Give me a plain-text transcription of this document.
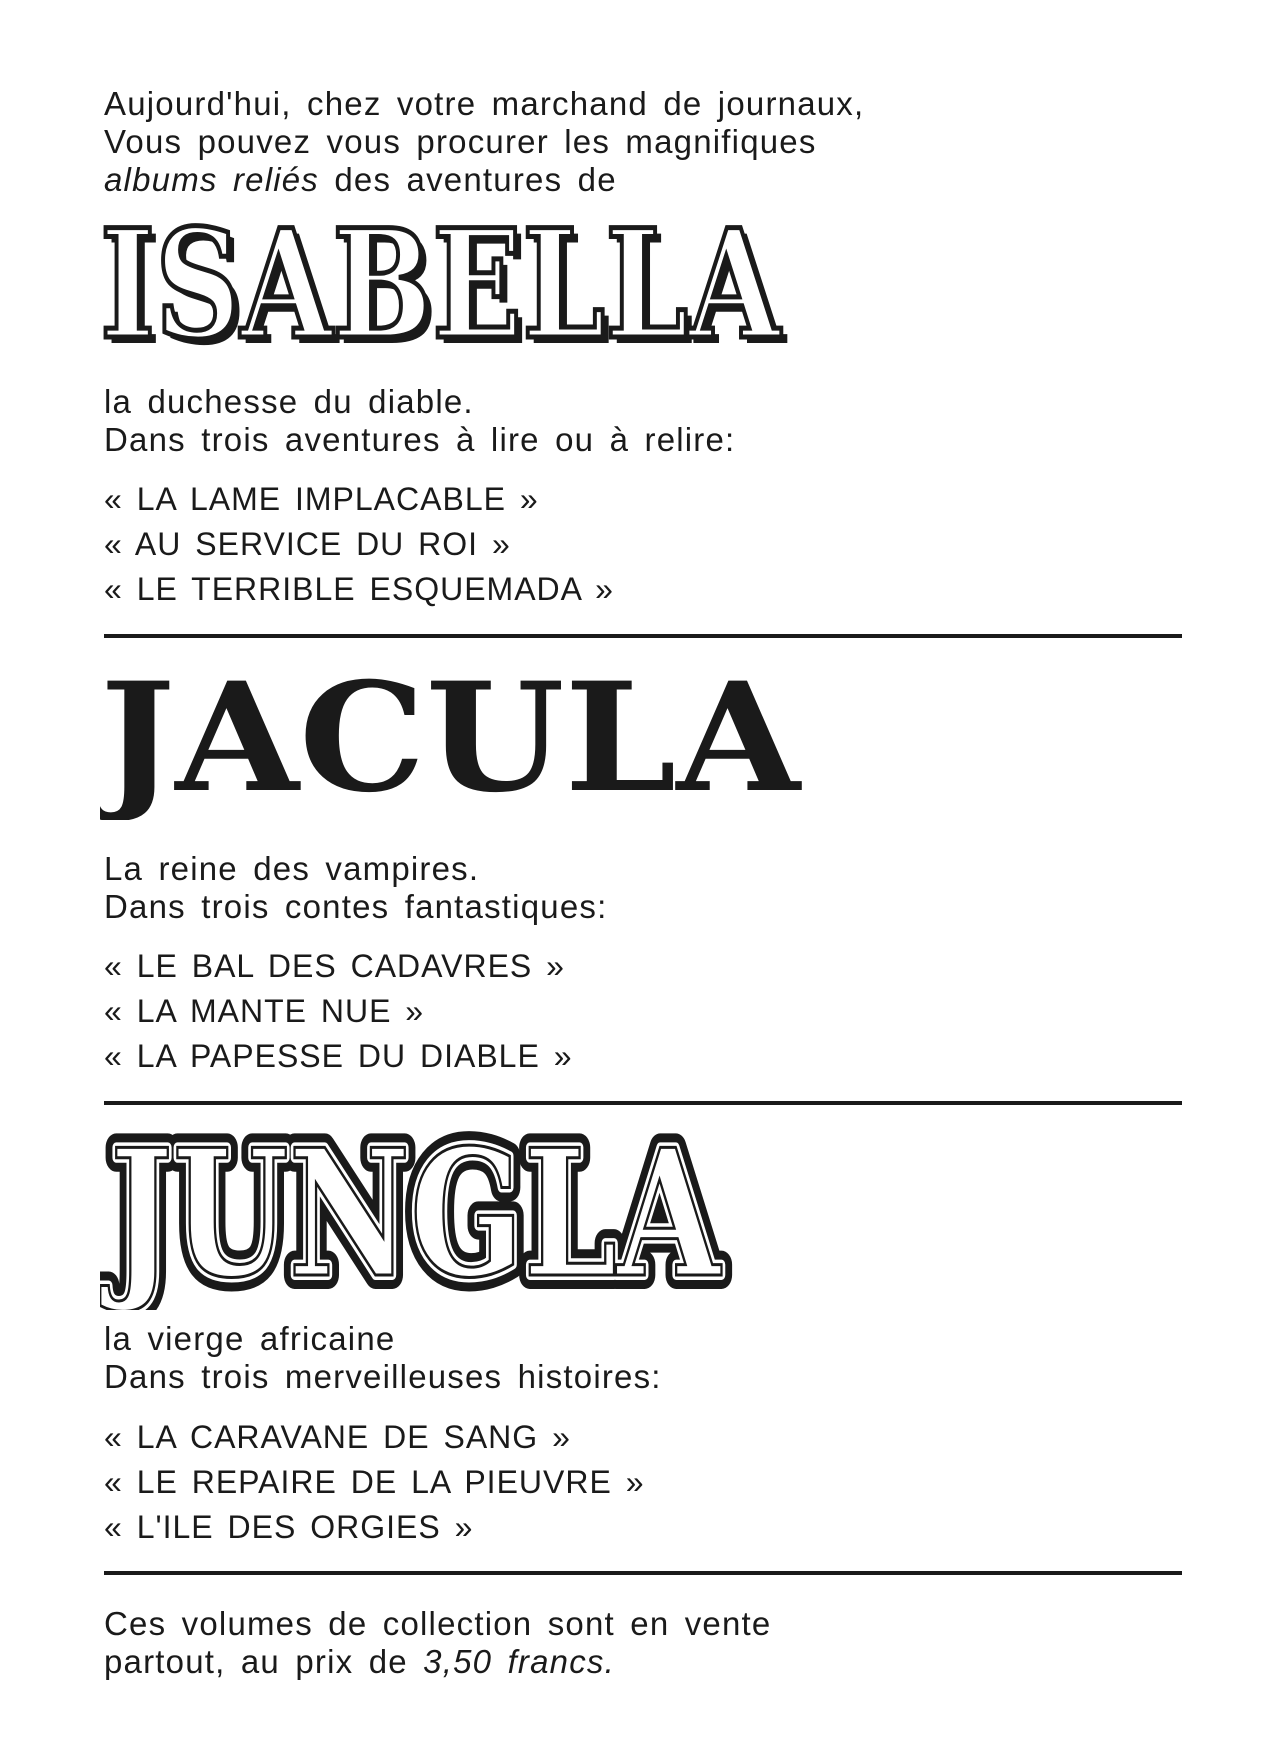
Aujourd'hui, chez votre marchand de journaux,
Vous pouvez vous procurer les magnifiques
albums reliés des aventures de
ISABELLA
ISABELLA
la duchesse du diable.
Dans trois aventures à lire ou à relire:
« LA LAME IMPLACABLE »
« AU SERVICE DU ROI »
« LE TERRIBLE ESQUEMADA »
JACULA
La reine des vampires.
Dans trois contes fantastiques:
« LE BAL DES CADAVRES »
« LA MANTE NUE »
« LA PAPESSE DU DIABLE »
JUNGLA
JUNGLA
JUNGLA
la vierge africaine
Dans trois merveilleuses histoires:
« LA CARAVANE DE SANG »
« LE REPAIRE DE LA PIEUVRE »
« L'ILE DES ORGIES »
Ces volumes de collection sont en vente
partout, au prix de 3,50 francs.
